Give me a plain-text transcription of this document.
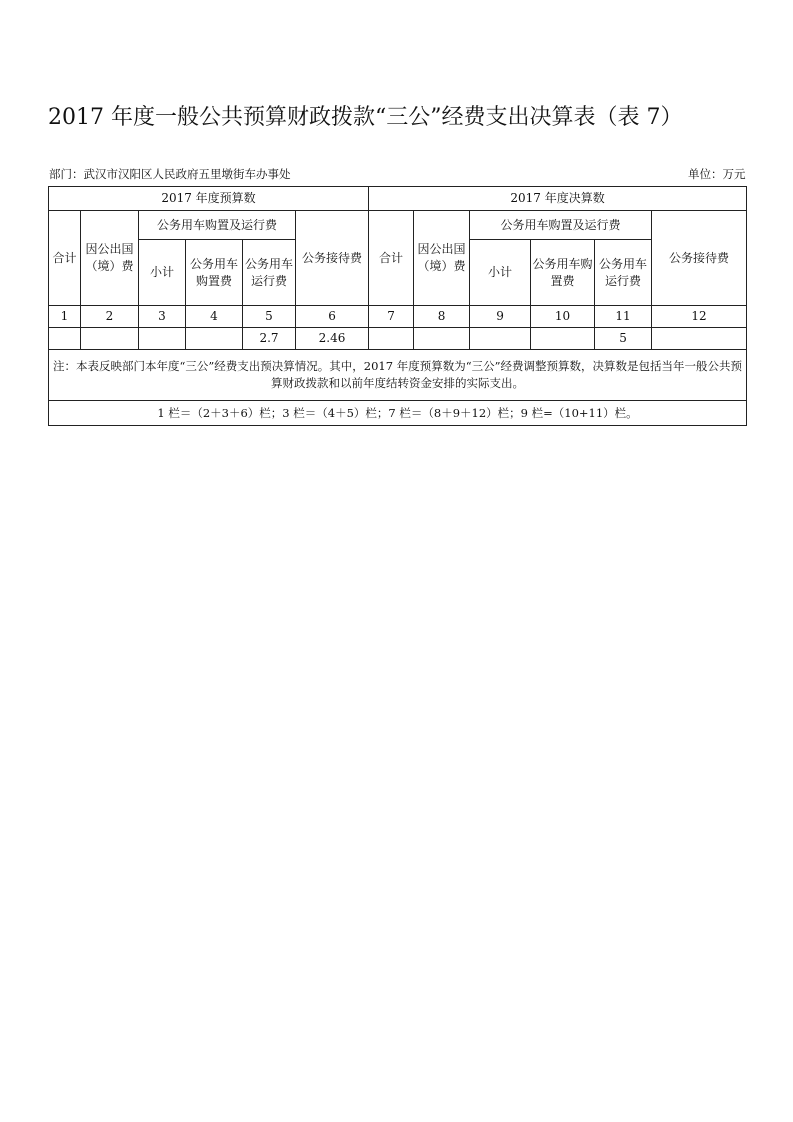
2017 年度一般公共预算财政拨款“三公”经费支出决算表（表 7）
部门：武汉市汉阳区人民政府五里墩街车办事处	单位：万元
2017 年度预算数						2017 年度决算数					
合计	因公出国（境）费	公务用车购置及运行费			公务接待费	合计	因公出国（境）费	公务用车购置及运行费			公务接待费
		小计	公务用车购置费	公务用车运行费				小计	公务用车购置费	公务用车运行费	
1	2	3	4	5	6	7	8	9	10	11	12
				2.7	2.46					5	
注：本表反映部门本年度“三公”经费支出预决算情况。其中，2017 年度预算数为“三公”经费调整预算数，决算数是包括当年一般公共预算财政拨款和以前年度结转资金安排的实际支出。											
1 栏＝（2＋3＋6）栏；3 栏＝（4＋5）栏；7 栏＝（8＋9＋12）栏；9 栏=（10+11）栏。											
